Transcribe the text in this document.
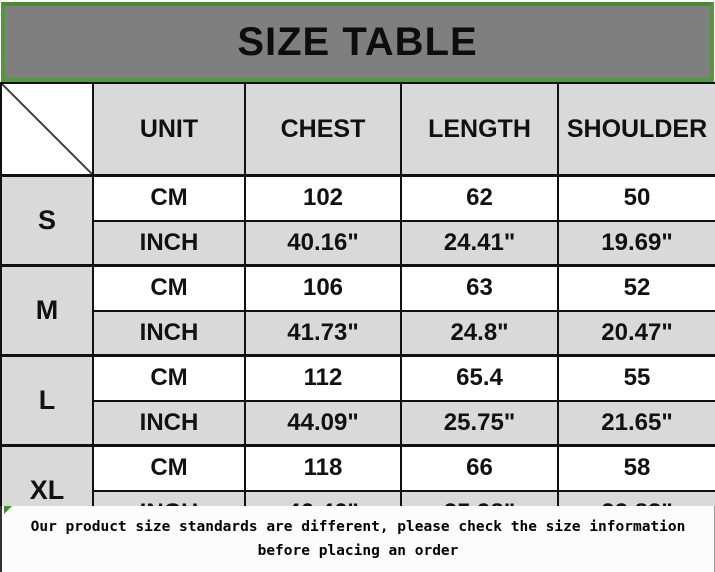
SIZE TABLE
	UNIT	CHEST	LENGTH	SHOULDER
S	CM	102	62	50
	INCH	40.16"	24.41"	19.69"
M	CM	106	63	52
	INCH	41.73"	24.8"	20.47"
L	CM	112	65.4	55
	INCH	44.09"	25.75"	21.65"
XL	CM	118	66	58

Our product size standards are different, please check the size information
before placing an order
